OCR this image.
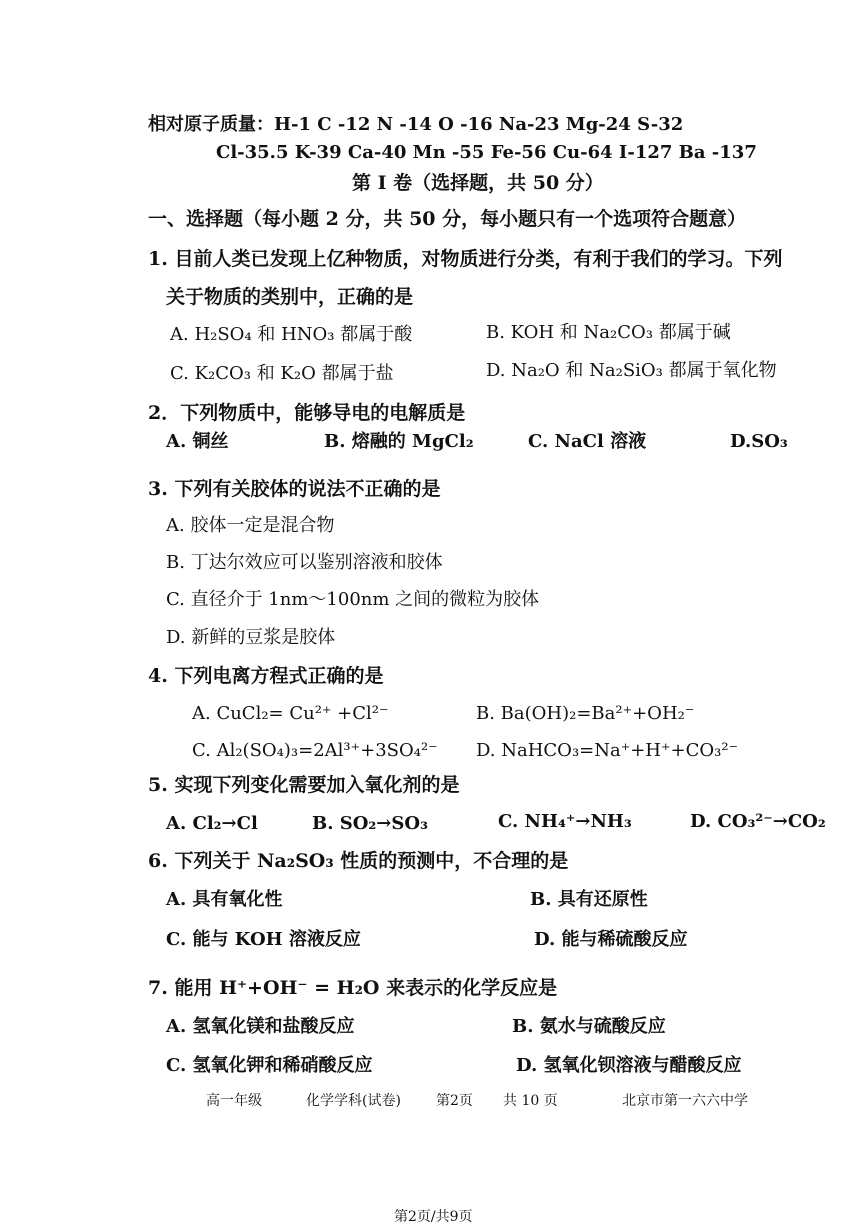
相对原子质量：H-1 C -12 N -14 O -16 Na-23 Mg-24 S-32
Cl-35.5 K-39 Ca-40 Mn -55 Fe-56 Cu-64 I-127 Ba -137
第 I 卷（选择题，共 50 分）
一、选择题（每小题 2 分，共 50 分，每小题只有一个选项符合题意）
1. 目前人类已发现上亿种物质，对物质进行分类，有利于我们的学习。下列
关于物质的类别中，正确的是
A. H₂SO₄ 和 HNO₃ 都属于酸	B. KOH 和 Na₂CO₃ 都属于碱
C. K₂CO₃ 和 K₂O 都属于盐	D. Na₂O 和 Na₂SiO₃ 都属于氧化物
2．下列物质中，能够导电的电解质是
A. 铜丝	B. 熔融的 MgCl₂	C. NaCl 溶液	D.SO₃
3. 下列有关胶体的说法不正确的是
A. 胶体一定是混合物
B. 丁达尔效应可以鉴别溶液和胶体
C. 直径介于 1nm～100nm 之间的微粒为胶体
D. 新鲜的豆浆是胶体
4. 下列电离方程式正确的是
A. CuCl₂= Cu²⁺ +Cl²⁻	B. Ba(OH)₂=Ba²⁺+OH₂⁻
C. Al₂(SO₄)₃=2Al³⁺+3SO₄²⁻ D. NaHCO₃=Na⁺+H⁺+CO₃²⁻
5. 实现下列变化需要加入氧化剂的是
A. Cl₂→Cl	B. SO₂→SO₃	C. NH₄⁺→NH₃	D. CO₃²⁻→CO₂
6. 下列关于 Na₂SO₃ 性质的预测中，不合理的是
A. 具有氧化性	B. 具有还原性
C. 能与 KOH 溶液反应	D. 能与稀硫酸反应
7. 能用 H⁺+OH⁻ = H₂O 来表示的化学反应是
A. 氢氧化镁和盐酸反应	B. 氨水与硫酸反应
C. 氢氧化钾和稀硝酸反应	D. 氢氧化钡溶液与醋酸反应
高一年级	化学学科(试卷)	第2页 共 10 页	北京市第一六六中学
第2页/共9页
